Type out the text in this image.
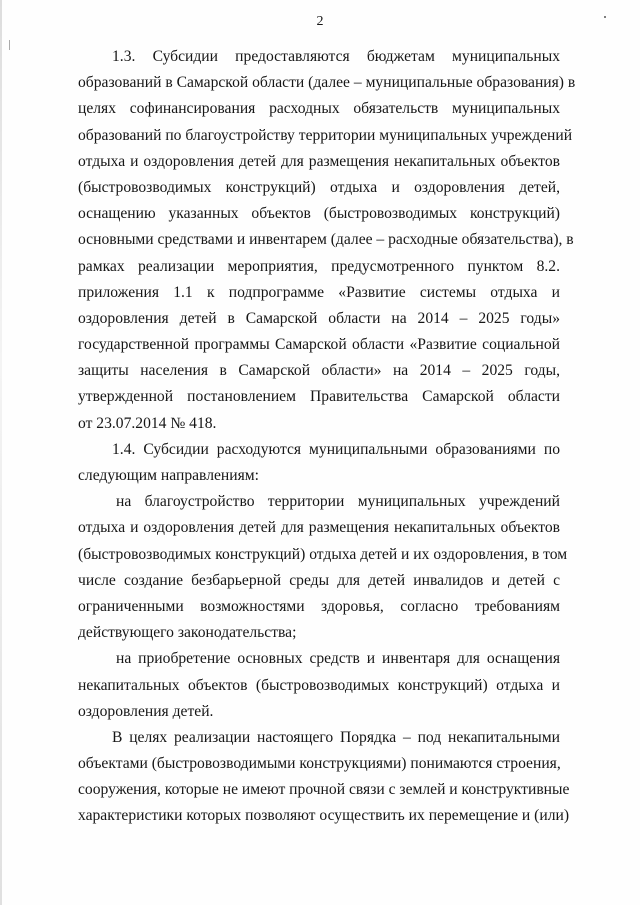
2
1.3. Субсидии предоставляются бюджетам муниципальных
образований в Самарской области (далее – муниципальные образования) в
целях софинансирования расходных обязательств муниципальных
образований по благоустройству территории муниципальных учреждений
отдыха и оздоровления детей для размещения некапитальных объектов
(быстровозводимых конструкций) отдыха и оздоровления детей,
оснащению указанных объектов (быстровозводимых конструкций)
основными средствами и инвентарем (далее – расходные обязательства), в
рамках реализации мероприятия, предусмотренного пунктом 8.2.
приложения 1.1 к подпрограмме «Развитие системы отдыха и
оздоровления детей в Самарской области на 2014 – 2025 годы»
государственной программы Самарской области «Развитие социальной
защиты населения в Самарской области» на 2014 – 2025 годы,
утвержденной постановлением Правительства Самарской области
от 23.07.2014 № 418.
1.4. Субсидии расходуются муниципальными образованиями по
следующим направлениям:
на благоустройство территории муниципальных учреждений
отдыха и оздоровления детей для размещения некапитальных объектов
(быстровозводимых конструкций) отдыха детей и их оздоровления, в том
числе создание безбарьерной среды для детей инвалидов и детей с
ограниченными возможностями здоровья, согласно требованиям
действующего законодательства;
на приобретение основных средств и инвентаря для оснащения
некапитальных объектов (быстровозводимых конструкций) отдыха и
оздоровления детей.
В целях реализации настоящего Порядка – под некапитальными
объектами (быстровозводимыми конструкциями) понимаются строения,
сооружения, которые не имеют прочной связи с землей и конструктивные
характеристики которых позволяют осуществить их перемещение и (или)
